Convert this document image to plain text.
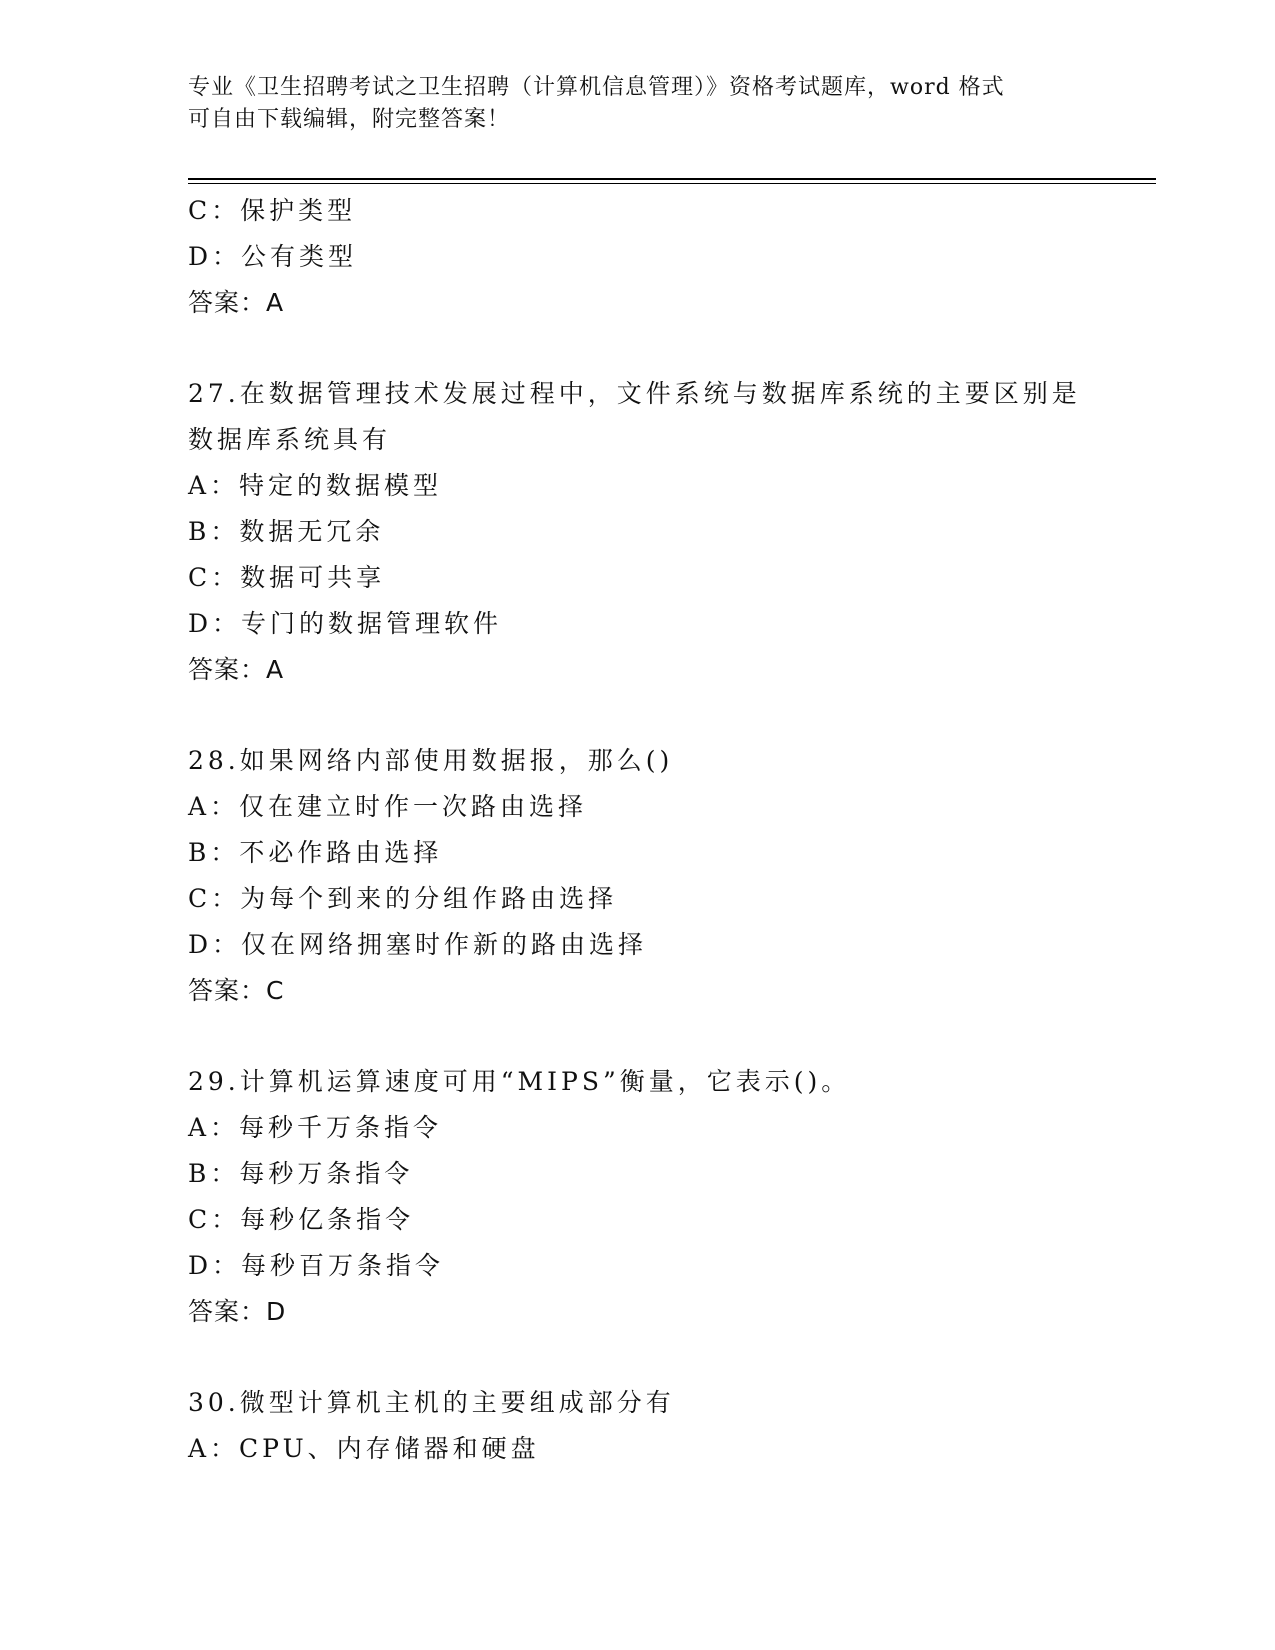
专业《卫生招聘考试之卫生招聘（计算机信息管理）》资格考试题库，word 格式
可自由下载编辑，附完整答案！
C：保护类型
D：公有类型
答案：A
27.在数据管理技术发展过程中，文件系统与数据库系统的主要区别是
数据库系统具有
A：特定的数据模型
B：数据无冗余
C：数据可共享
D：专门的数据管理软件
答案：A
28.如果网络内部使用数据报，那么()
A：仅在建立时作一次路由选择
B：不必作路由选择
C：为每个到来的分组作路由选择
D：仅在网络拥塞时作新的路由选择
答案：C
29.计算机运算速度可用“MIPS”衡量，它表示()。
A：每秒千万条指令
B：每秒万条指令
C：每秒亿条指令
D：每秒百万条指令
答案：D
30.微型计算机主机的主要组成部分有
A：CPU、内存储器和硬盘
